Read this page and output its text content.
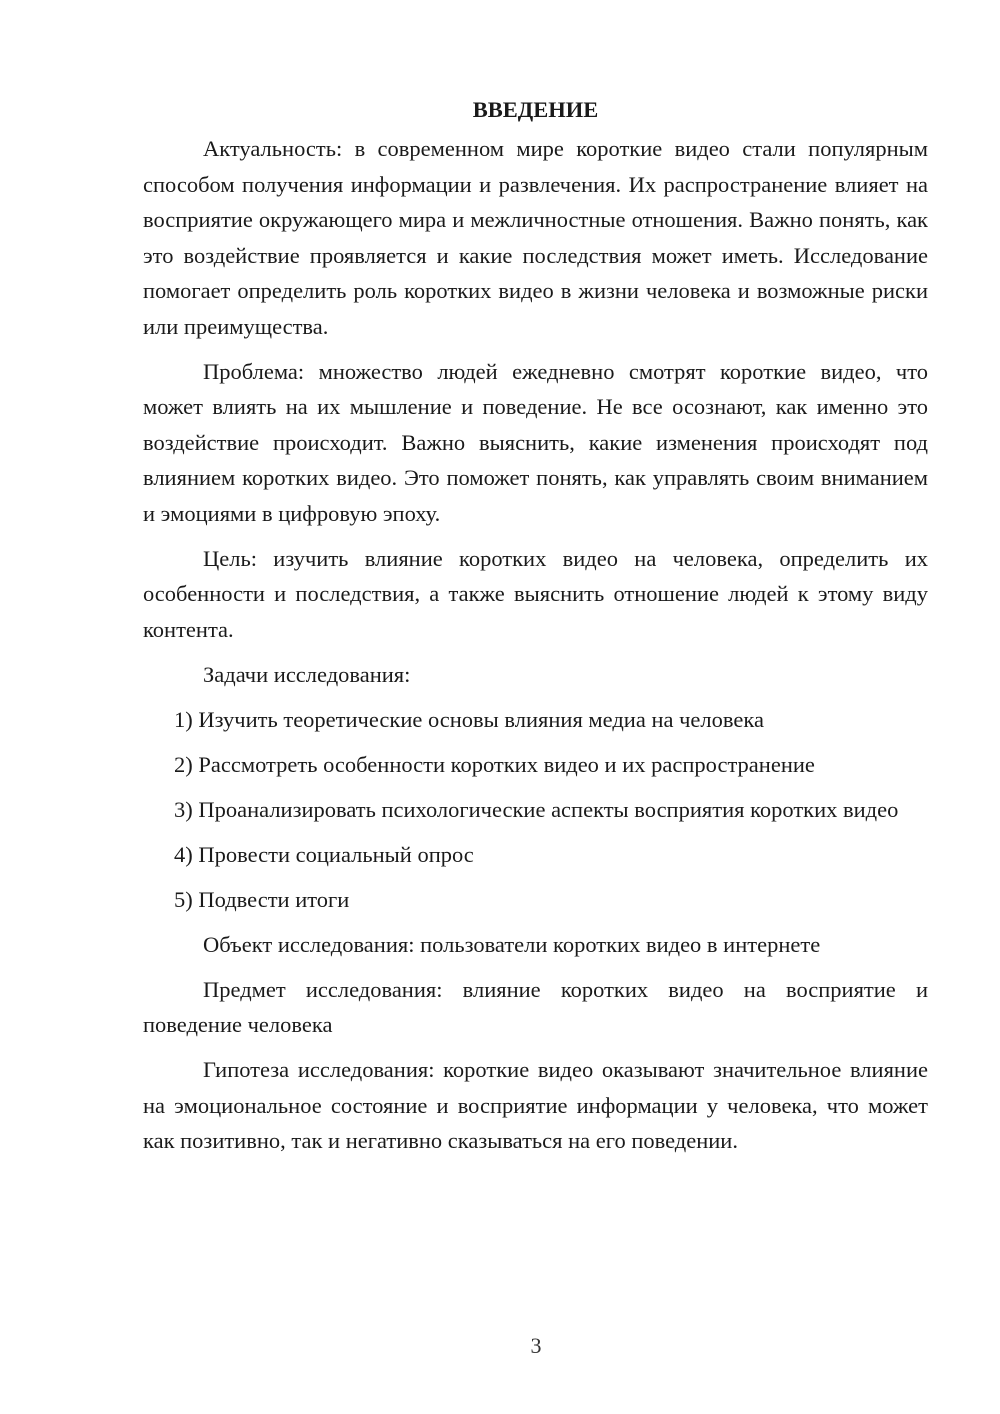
ВВЕДЕНИЕ

Актуальность: в современном мире короткие видео стали популярным способом получения информации и развлечения. Их распространение влияет на восприятие окружающего мира и межличностные отношения. Важно понять, как это воздействие проявляется и какие последствия может иметь. Исследование помогает определить роль коротких видео в жизни человека и возможные риски или преимущества.

Проблема: множество людей ежедневно смотрят короткие видео, что может влиять на их мышление и поведение. Не все осознают, как именно это воздействие происходит. Важно выяснить, какие изменения происходят под влиянием коротких видео. Это поможет понять, как управлять своим вниманием и эмоциями в цифровую эпоху.

Цель: изучить влияние коротких видео на человека, определить их особенности и последствия, а также выяснить отношение людей к этому виду контента.

Задачи исследования:

1) Изучить теоретические основы влияния медиа на человека

2) Рассмотреть особенности коротких видео и их распространение

3) Проанализировать психологические аспекты восприятия коротких видео

4) Провести социальный опрос

5) Подвести итоги

Объект исследования: пользователи коротких видео в интернете

Предмет исследования: влияние коротких видео на восприятие и поведение человека

Гипотеза исследования: короткие видео оказывают значительное влияние на эмоциональное состояние и восприятие информации у человека, что может как позитивно, так и негативно сказываться на его поведении.

3
